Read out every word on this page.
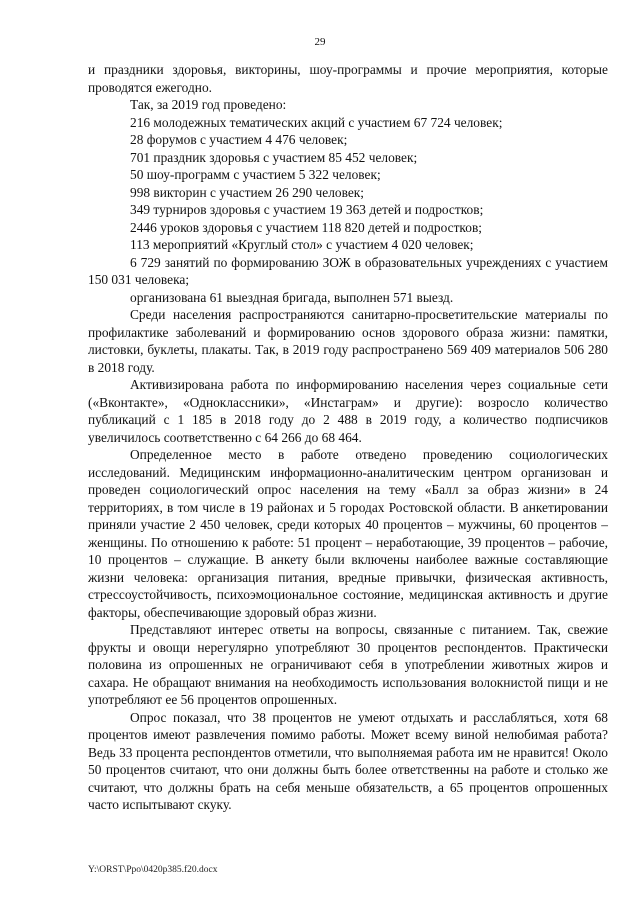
29

и праздники здоровья, викторины, шоу-программы и прочие мероприятия, которые проводятся ежегодно.

Так, за 2019 год проведено:

216 молодежных тематических акций с участием 67 724 человек;

28 форумов с участием 4 476 человек;

701 праздник здоровья с участием 85 452 человек;

50 шоу-программ с участием 5 322 человек;

998 викторин с участием 26 290 человек;

349 турниров здоровья с участием 19 363 детей и подростков;

2446 уроков здоровья с участием 118 820 детей и подростков;

113 мероприятий «Круглый стол» с участием 4 020 человек;

6 729 занятий по формированию ЗОЖ в образовательных учреждениях с участием 150 031 человека;

организована 61 выездная бригада, выполнен 571 выезд.

Среди населения распространяются санитарно-просветительские материалы по профилактике заболеваний и формированию основ здорового образа жизни: памятки, листовки, буклеты, плакаты. Так, в 2019 году распространено 569 409 материалов 506 280 в 2018 году.

Активизирована работа по информированию населения через социальные сети («Вконтакте», «Одноклассники», «Инстаграм» и другие): возросло количество публикаций с 1 185 в 2018 году до 2 488 в 2019 году, а количество подписчиков увеличилось соответственно с 64 266 до 68 464.

Определенное место в работе отведено проведению социологических исследований. Медицинским информационно-аналитическим центром организован и проведен социологический опрос населения на тему «Балл за образ жизни» в 24 территориях, в том числе в 19 районах и 5 городах Ростовской области. В анкетировании приняли участие 2 450 человек, среди которых 40 процентов – мужчины, 60 процентов – женщины. По отношению к работе: 51 процент – неработающие, 39 процентов – рабочие, 10 процентов – служащие. В анкету были включены наиболее важные составляющие жизни человека: организация питания, вредные привычки, физическая активность, стрессоустойчивость, психоэмоциональное состояние, медицинская активность и другие факторы, обеспечивающие здоровый образ жизни.

Представляют интерес ответы на вопросы, связанные с питанием. Так, свежие фрукты и овощи нерегулярно употребляют 30 процентов респондентов. Практически половина из опрошенных не ограничивают себя в употреблении животных жиров и сахара. Не обращают внимания на необходимость использования волокнистой пищи и не употребляют ее 56 процентов опрошенных.

Опрос показал, что 38 процентов не умеют отдыхать и расслабляться, хотя 68 процентов имеют развлечения помимо работы. Может всему виной нелюбимая работа? Ведь 33 процента респондентов отметили, что выполняемая работа им не нравится! Около 50 процентов считают, что они должны быть более ответственны на работе и столько же считают, что должны брать на себя меньше обязательств, а 65 процентов опрошенных часто испытывают скуку.

Y:\ORST\Ppo\0420p385.f20.docx
